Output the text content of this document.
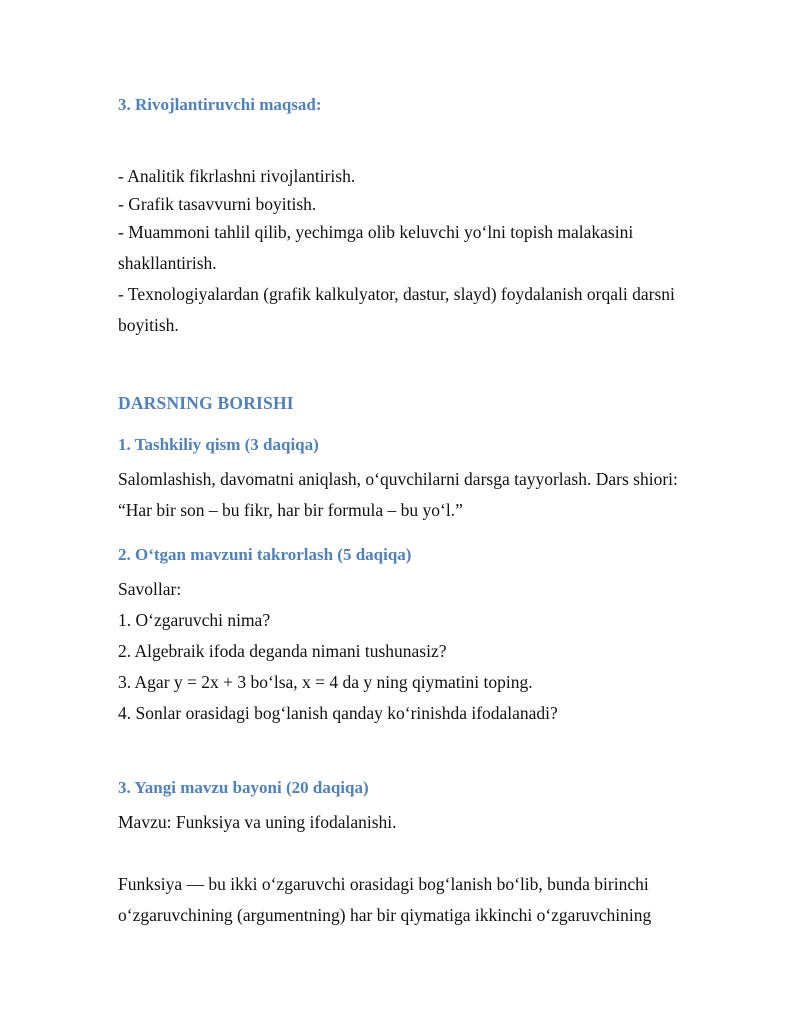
3. Rivojlantiruvchi maqsad:
- Analitik fikrlashni rivojlantirish.
- Grafik tasavvurni boyitish.
- Muammoni tahlil qilib, yechimga olib keluvchi yo‘lni topish malakasini
shakllantirish.
- Texnologiyalardan (grafik kalkulyator, dastur, slayd) foydalanish orqali darsni
boyitish.
DARSNING BORISHI
1. Tashkiliy qism (3 daqiqa)
Salomlashish, davomatni aniqlash, o‘quvchilarni darsga tayyorlash. Dars shiori:
“Har bir son – bu fikr, har bir formula – bu yo‘l.”
2. O‘tgan mavzuni takrorlash (5 daqiqa)
Savollar:
1. O‘zgaruvchi nima?
2. Algebraik ifoda deganda nimani tushunasiz?
3. Agar y = 2x + 3 bo‘lsa, x = 4 da y ning qiymatini toping.
4. Sonlar orasidagi bog‘lanish qanday ko‘rinishda ifodalanadi?
3. Yangi mavzu bayoni (20 daqiqa)
Mavzu: Funksiya va uning ifodalanishi.
Funksiya — bu ikki o‘zgaruvchi orasidagi bog‘lanish bo‘lib, bunda birinchi
o‘zgaruvchining (argumentning) har bir qiymatiga ikkinchi o‘zgaruvchining
